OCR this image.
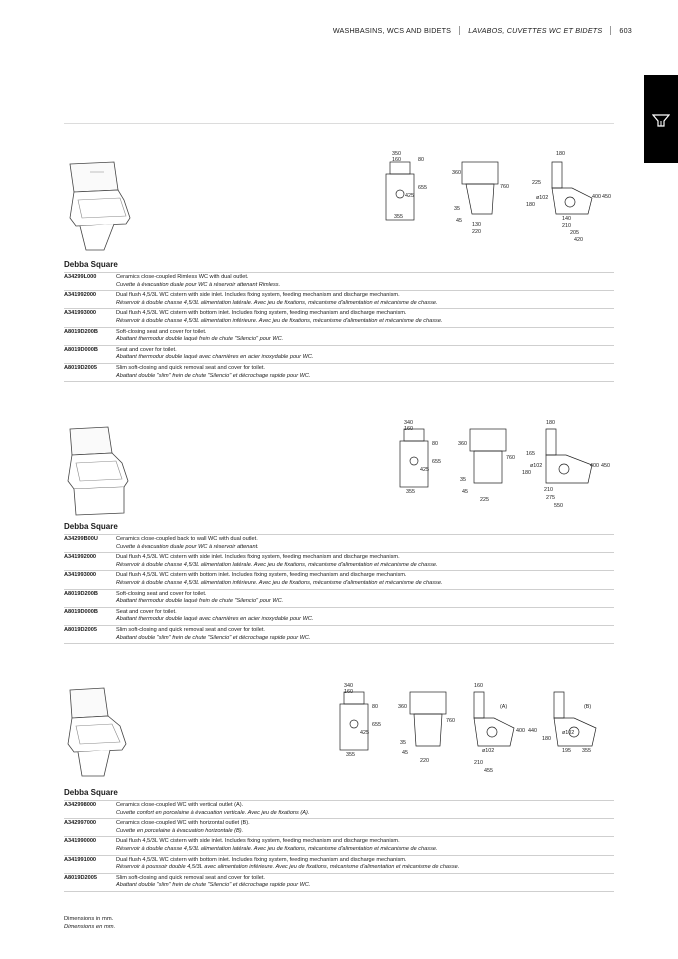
WASHBASINS, WCS AND BIDETS LAVABOS, CUVETTES WC ET BIDETS 603
350
160	80
655
425
355
360
760
35
45
130
220
180
225
ø102
180
400 450
140
210
205
420
Debba Square
A34299L000	Ceramics close-coupled Rimless WC with dual outlet.
Cuvette à évacuation duale pour WC à réservoir attenant Rimless.
A341992000	Dual flush 4,5/3L WC cistern with side inlet. Includes fixing system, feeding mechanism and discharge mechanism.
Réservoir à double chasse 4,5/3L alimentation latérale. Avec jeu de fixations, mécanisme d'alimentation et mécanisme de chasse.
A341993000	Dual flush 4,5/3L WC cistern with bottom inlet. Includes fixing system, feeding mechanism and discharge mechanism.
Réservoir à double chasse 4,5/3L alimentation inférieure. Avec jeu de fixations, mécanisme d'alimentation et mécanisme de chasse.
A8019D200B	Soft-closing seat and cover for toilet.
Abattant thermodur double laqué frein de chute "Silencio" pour WC.
A8019D000B	Seat and cover for toilet.
Abattant thermodur double laqué avec charnières en acier inoxydable pour WC.
A8019D2005	Slim soft-closing and quick removal seat and cover for toilet.
Abattant double "slim" frein de chute "Silencio" et décrochage rapide pour WC.
340
160
80
655
425
355
360
760
35
45
225
180
165
ø102
180
400 450
210
275
550
Debba Square
A34299B00U	Ceramics close-coupled back to wall WC with dual outlet.
Cuvette à évacuation duale pour WC à réservoir attenant.
A341992000	Dual flush 4,5/3L WC cistern with side inlet. Includes fixing system, feeding mechanism and discharge mechanism.
Réservoir à double chasse 4,5/3L alimentation latérale. Avec jeu de fixations, mécanisme d'alimentation et mécanisme de chasse.
A341993000	Dual flush 4,5/3L WC cistern with bottom inlet. Includes fixing system, feeding mechanism and discharge mechanism.
Réservoir à double chasse 4,5/3L alimentation inférieure. Avec jeu de fixations, mécanisme d'alimentation et mécanisme de chasse.
A8019D200B	Soft-closing seat and cover for toilet.
Abattant thermodur double laqué frein de chute "Silencio" pour WC.
A8019D000B	Seat and cover for toilet.
Abattant thermodur double laqué avec charnières en acier inoxydable pour WC.
A8019D2005	Slim soft-closing and quick removal seat and cover for toilet.
Abattant double "slim" frein de chute "Silencio" et décrochage rapide pour WC.
340
160
80
655
425
355
360
760
35
45
220
160
(A)
400 440
ø102
210
455
(B)
ø102
180
195 355
Debba Square
A342998000	Ceramics close-coupled WC with vertical outlet (A).
Cuvette confort en porcelaine à évacuation verticale. Avec jeu de fixations (A).
A342997000	Ceramics close-coupled WC with horizontal outlet (B).
Cuvette en porcelaine à évacuation horizontale (B).
A341990000	Dual flush 4,5/3L WC cistern with side inlet. Includes fixing system, feeding mechanism and discharge mechanism.
Réservoir à double chasse 4,5/3L alimentation latérale. Avec jeu de fixations, mécanisme d'alimentation et mécanisme de chasse.
A341991000	Dual flush 4,5/3L WC cistern with bottom inlet. Includes fixing system, feeding mechanism and discharge mechanism.
Réservoir à poussoir double 4,5/3L avec alimentation inférieure. Avec jeu de fixations, mécanisme d'alimentation et mécanisme de chasse.
A8019D2005	Slim soft-closing and quick removal seat and cover for toilet.
Abattant double "slim" frein de chute "Silencio" et décrochage rapide pour WC.
Dimensions in mm.
Dimensions en mm.
